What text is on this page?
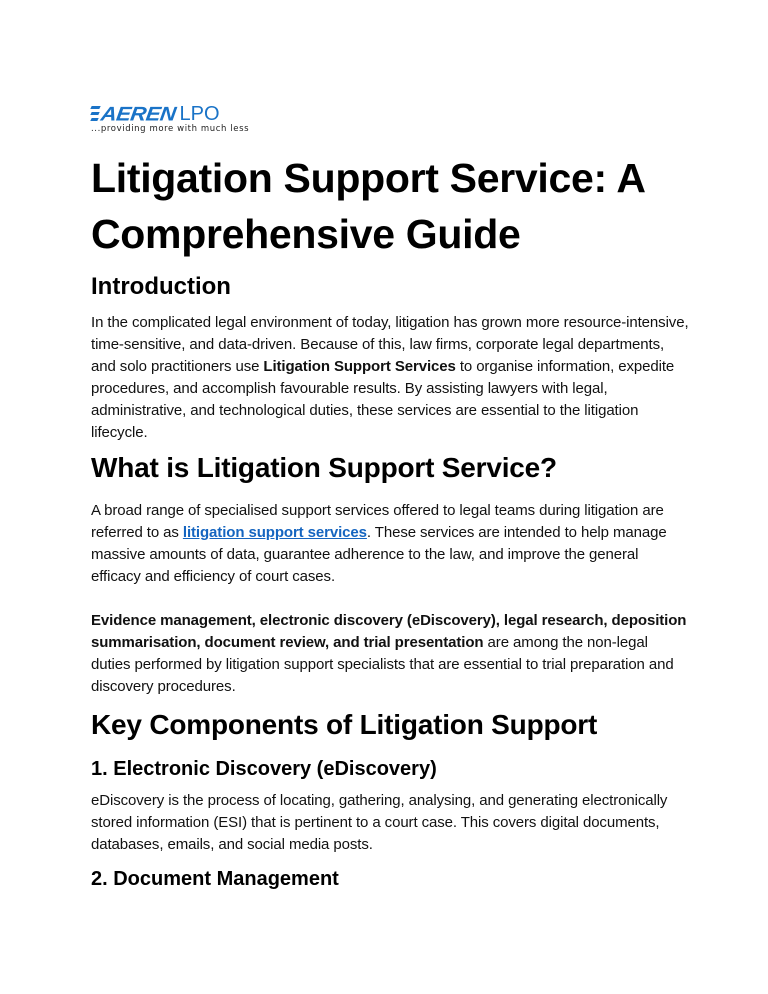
AEREN LPO
...providing more with much less
Litigation Support Service: A
Comprehensive Guide
Introduction

In the complicated legal environment of today, litigation has grown more resource-intensive, time-sensitive, and data-driven. Because of this, law firms, corporate legal departments, and solo practitioners use Litigation Support Services to organise information, expedite procedures, and accomplish favourable results. By assisting lawyers with legal, administrative, and technological duties, these services are essential to the litigation lifecycle.

What is Litigation Support Service?

A broad range of specialised support services offered to legal teams during litigation are referred to as litigation support services. These services are intended to help manage massive amounts of data, guarantee adherence to the law, and improve the general efficacy and efficiency of court cases.

Evidence management, electronic discovery (eDiscovery), legal research, deposition summarisation, document review, and trial presentation are among the non-legal duties performed by litigation support specialists that are essential to trial preparation and discovery procedures.

Key Components of Litigation Support
1. Electronic Discovery (eDiscovery)

eDiscovery is the process of locating, gathering, analysing, and generating electronically stored information (ESI) that is pertinent to a court case. This covers digital documents, databases, emails, and social media posts.

2. Document Management
